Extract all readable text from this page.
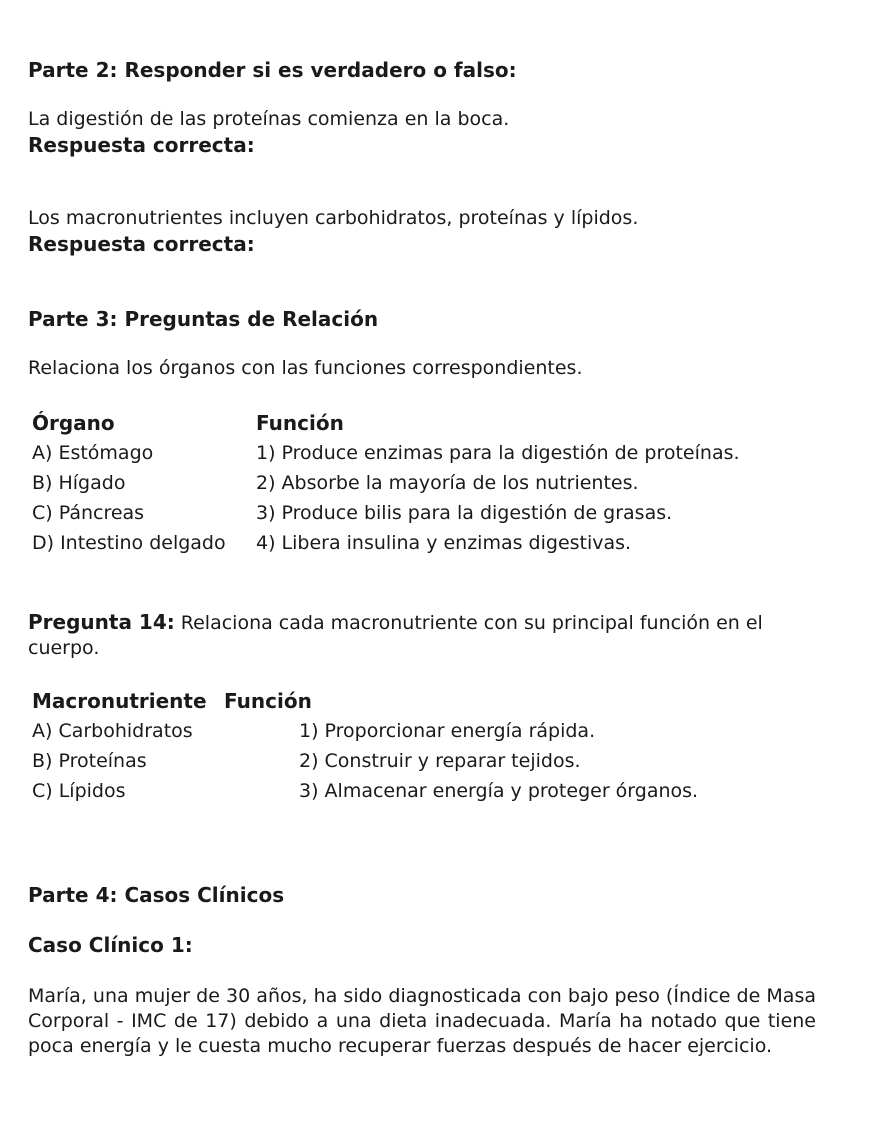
Parte 2: Responder si es verdadero o falso:
La digestión de las proteínas comienza en la boca.
Respuesta correcta:
Los macronutrientes incluyen carbohidratos, proteínas y lípidos.
Respuesta correcta:
Parte 3: Preguntas de Relación
Relaciona los órganos con las funciones correspondientes.
Órgano	Función
A) Estómago	1) Produce enzimas para la digestión de proteínas.
B) Hígado	2) Absorbe la mayoría de los nutrientes.
C) Páncreas	3) Produce bilis para la digestión de grasas.
D) Intestino delgado 4) Libera insulina y enzimas digestivas.
Pregunta 14: Relaciona cada macronutriente con su principal función en el cuerpo.
Macronutriente Función
A) Carbohidratos	1) Proporcionar energía rápida.
B) Proteínas	2) Construir y reparar tejidos.
C) Lípidos	3) Almacenar energía y proteger órganos.
Parte 4: Casos Clínicos
Caso Clínico 1:
María, una mujer de 30 años, ha sido diagnosticada con bajo peso (Índice de Masa Corporal - IMC de 17) debido a una dieta inadecuada. María ha notado que tiene poca energía y le cuesta mucho recuperar fuerzas después de hacer ejercicio.
